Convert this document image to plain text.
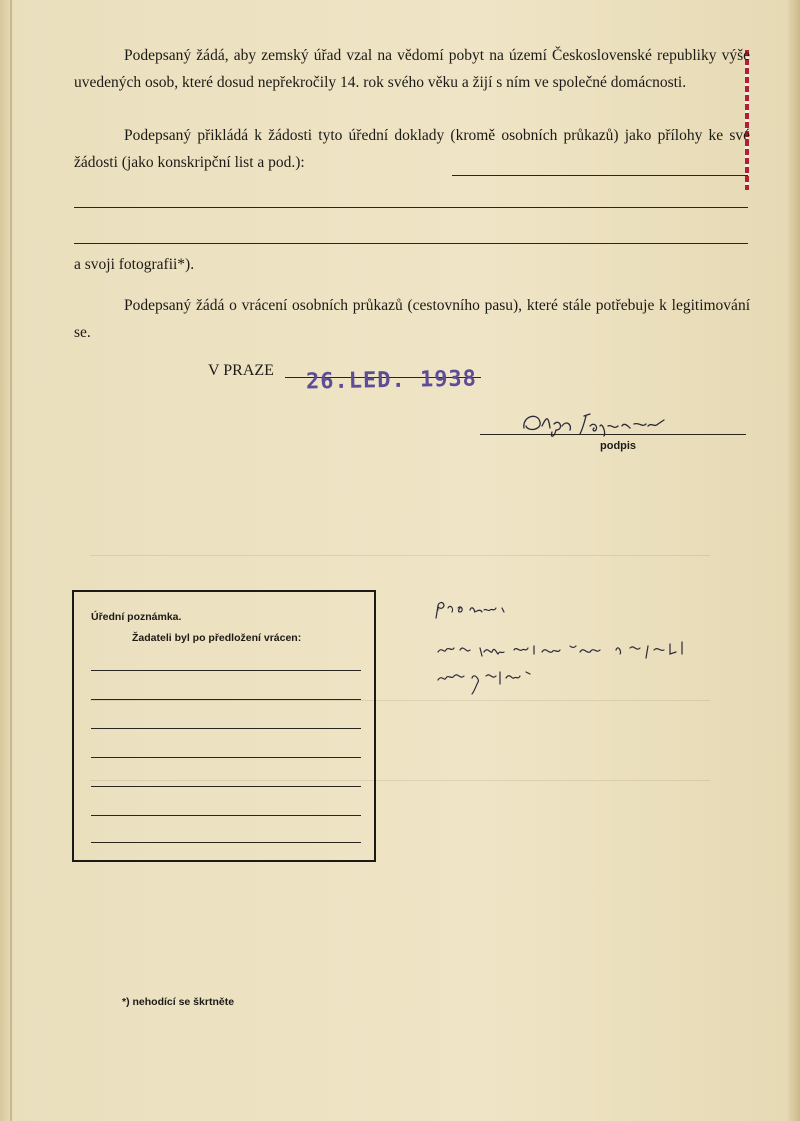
Podepsaný žádá, aby zemský úřad vzal na vědomí pobyt na území Československé republiky výše uvedených osob, které dosud nepřekročily 14. rok svého věku a žijí s ním ve společné domácnosti.

Podepsaný přikládá k žádosti tyto úřední doklady (kromě osobních průkazů) jako přílohy ke své žádosti (jako konskripční list a pod.):

a svoji fotografii*).

Podepsaný žádá o vrácení osobních průkazů (cestovního pasu), které stále potřebuje k legitimování se.

V PRAZE 26.LED. 1938
podpis
Úřední poznámka.
Žadateli byl po předložení vrácen:
*) nehodící se škrtněte
